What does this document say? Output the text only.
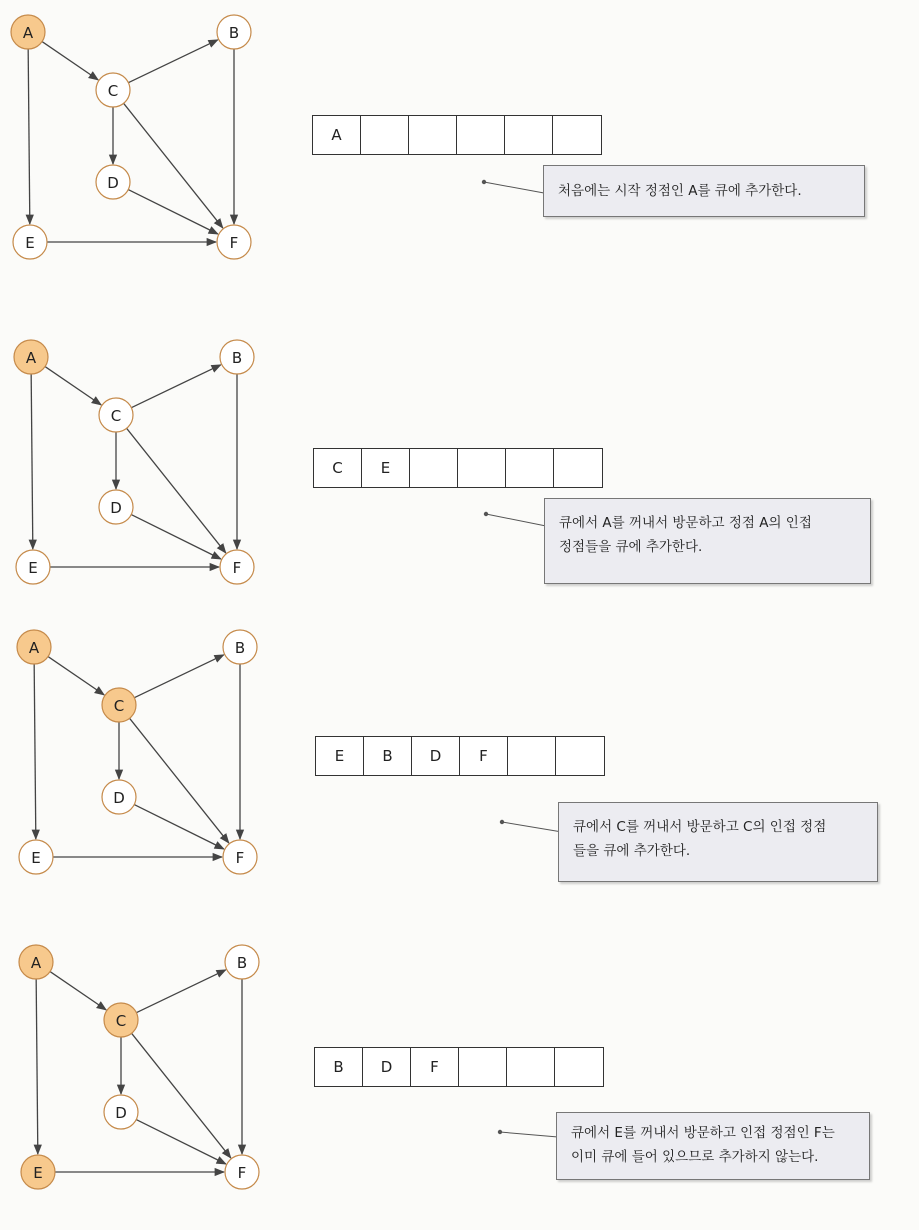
A	B
C
D
E	F
A
처음에는 시작 정점인 A를 큐에 추가한다.
A	B
C
D
E	F
C	E
큐에서 A를 꺼내서 방문하고 정점 A의 인접
정점들을 큐에 추가한다.
A	B
C
D
E	F
E	B	D	F
큐에서 C를 꺼내서 방문하고 C의 인접 정점
들을 큐에 추가한다.
A	B
C
D
E	F
B	D	F
큐에서 E를 꺼내서 방문하고 인접 정점인 F는
이미 큐에 들어 있으므로 추가하지 않는다.
